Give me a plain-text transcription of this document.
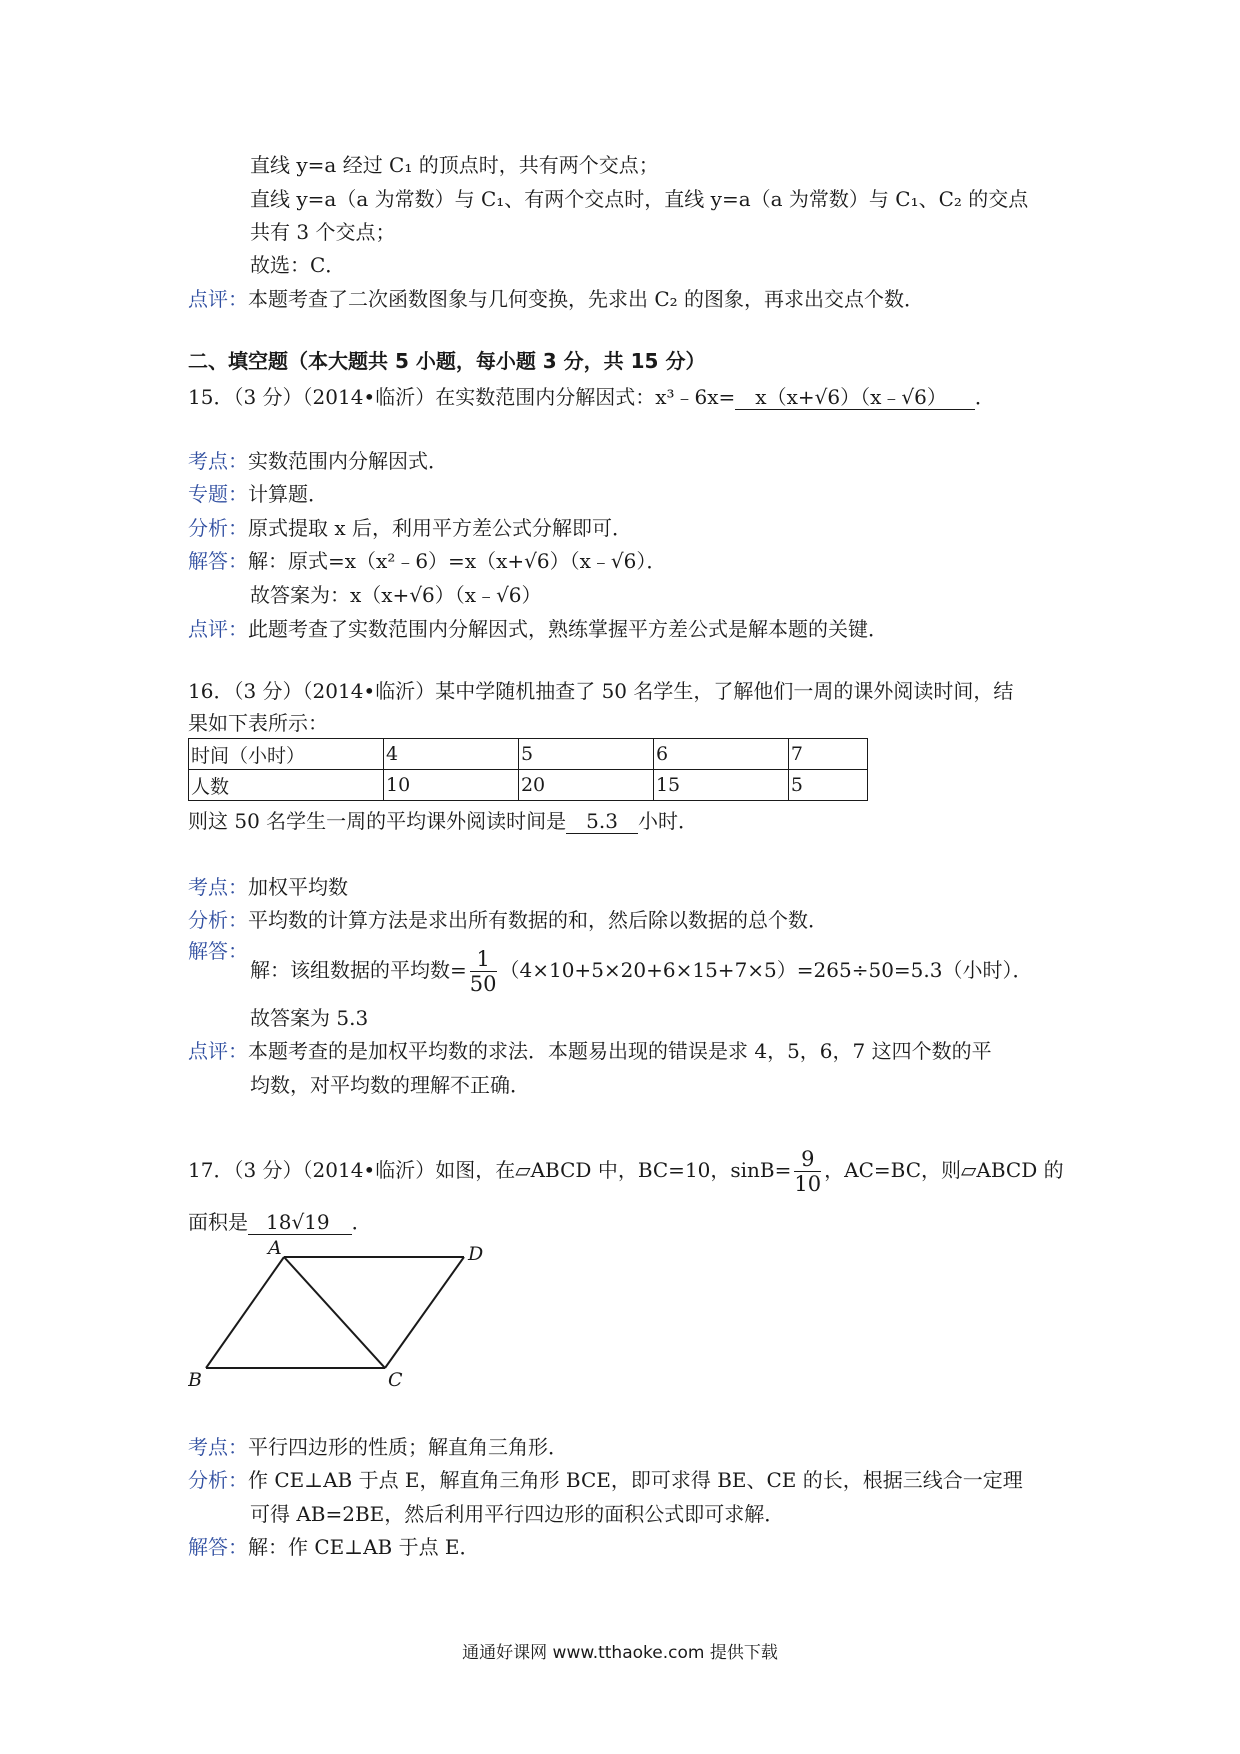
直线 y=a 经过 C₁ 的顶点时，共有两个交点；
直线 y=a（a 为常数）与 C₁、有两个交点时，直线 y=a（a 为常数）与 C₁、C₂ 的交点
共有 3 个交点；
故选：C．
点评：本题考查了二次函数图象与几何变换，先求出 C₂ 的图象，再求出交点个数．
二、填空题（本大题共 5 小题，每小题 3 分，共 15 分）
15．（3 分）（2014•临沂）在实数范围内分解因式：x³﹣6x= x（x+√6）（x﹣√6） ．
考点：实数范围内分解因式．
专题：计算题．
分析：原式提取 x 后，利用平方差公式分解即可．
解答：解：原式=x（x²﹣6）=x（x+√6）（x﹣√6）．
故答案为：x（x+√6）（x﹣√6）
点评：此题考查了实数范围内分解因式，熟练掌握平方差公式是解本题的关键．
16．（3 分）（2014•临沂）某中学随机抽查了 50 名学生，了解他们一周的课外阅读时间，结
果如下表所示：
时间（小时）	4	5	6	7
人数	10	20	15	5
则这 50 名学生一周的平均课外阅读时间是 5.3 小时．
考点：加权平均数
分析：平均数的计算方法是求出所有数据的和，然后除以数据的总个数．
解答：
解：该组数据的平均数= $\frac{1}{50} (4\times 10+5\times 20+6\times 15+7\times 5)=265\div 50=5.3$（小时）．
故答案为 5.3
点评：本题考查的是加权平均数的求法．本题易出现的错误是求 4，5，6，7 这四个数的平
均数，对平均数的理解不正确．
17．（3 分）（2014•临沂）如图，在▱ABCD 中，BC=10，$\sin B= \frac{9}{10}$ ，AC=BC，则▱ABCD 的
面积是 18√19 ．
A	D
B	C
考点：平行四边形的性质；解直角三角形．
分析：作 CE⊥AB 于点 E，解直角三角形 BCE，即可求得 BE、CE 的长，根据三线合一定理
可得 AB=2BE，然后利用平行四边形的面积公式即可求解．
解答：解：作 CE⊥AB 于点 E．
通通好课网 www.tthaoke.com 提供下载
